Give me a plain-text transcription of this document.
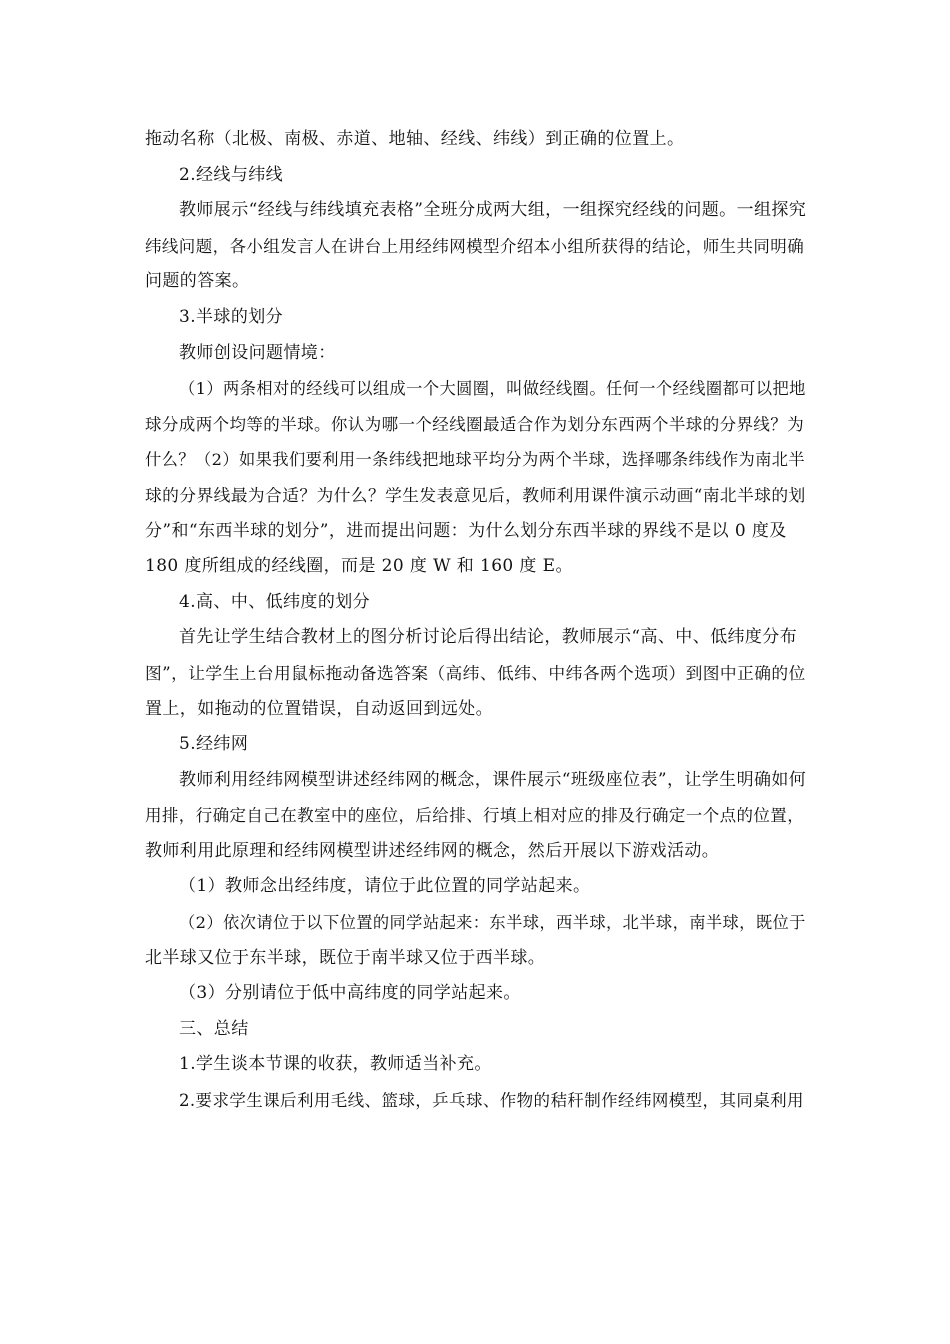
拖动名称（北极、南极、赤道、地轴、经线、纬线）到正确的位置上。
2.经线与纬线
教师展示“经线与纬线填充表格”全班分成两大组，一组探究经线的问题。一组探究
纬线问题，各小组发言人在讲台上用经纬网模型介绍本小组所获得的结论，师生共同明确
问题的答案。
3.半球的划分
教师创设问题情境：
（1）两条相对的经线可以组成一个大圆圈，叫做经线圈。任何一个经线圈都可以把地
球分成两个均等的半球。你认为哪一个经线圈最适合作为划分东西两个半球的分界线？为
什么？（2）如果我们要利用一条纬线把地球平均分为两个半球，选择哪条纬线作为南北半
球的分界线最为合适？为什么？学生发表意见后，教师利用课件演示动画“南北半球的划
分”和“东西半球的划分”，进而提出问题：为什么划分东西半球的界线不是以 0 度及
180 度所组成的经线圈，而是 20 度 W 和 160 度 E。
4.高、中、低纬度的划分
首先让学生结合教材上的图分析讨论后得出结论，教师展示“高、中、低纬度分布
图”，让学生上台用鼠标拖动备选答案（高纬、低纬、中纬各两个选项）到图中正确的位
置上，如拖动的位置错误，自动返回到远处。
5.经纬网
教师利用经纬网模型讲述经纬网的概念，课件展示“班级座位表”，让学生明确如何
用排，行确定自己在教室中的座位，后给排、行填上相对应的排及行确定一个点的位置，
教师利用此原理和经纬网模型讲述经纬网的概念，然后开展以下游戏活动。
（1）教师念出经纬度，请位于此位置的同学站起来。
（2）依次请位于以下位置的同学站起来：东半球，西半球，北半球，南半球，既位于
北半球又位于东半球，既位于南半球又位于西半球。
（3）分别请位于低中高纬度的同学站起来。
三、总结
1.学生谈本节课的收获，教师适当补充。
2.要求学生课后利用毛线、篮球，乒乓球、作物的秸秆制作经纬网模型，其同桌利用
